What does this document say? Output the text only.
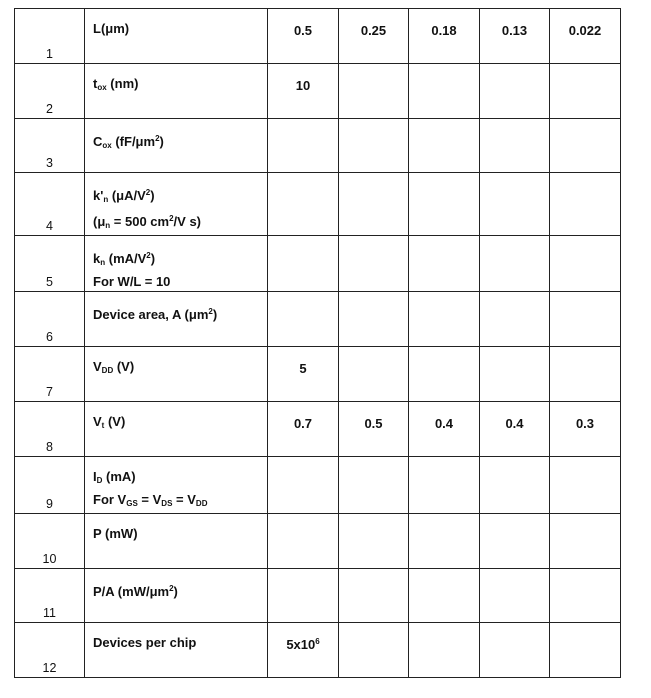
1	L(μm)	0.5	0.25	0.18	0.13	0.022
2	$t_{ox}$ (nm)	10				
3	$C_{ox}$ $(fF/\mu m^2)$					

4	$k'_n$ $(\mu A/V^2)$
($\mu_n = 500$ $cm^2/V$ s)					

5	$k_n$ $(mA/V^2)$
For W/L = 10					

6	Device area, A $(\mu m^2)$					

7	$V_{DD}$ (V)	5				
8	$V_t$ (V)	0.7	0.5	0.4	0.4	0.3
9	$I_D$ (mA)
For $V_{GS} = V_{DS} = V_{DD}$

10	P (mW)					

11	P/A $(mW/\mu m^2)$					

12	Devices per chip	$5x10^6$				
